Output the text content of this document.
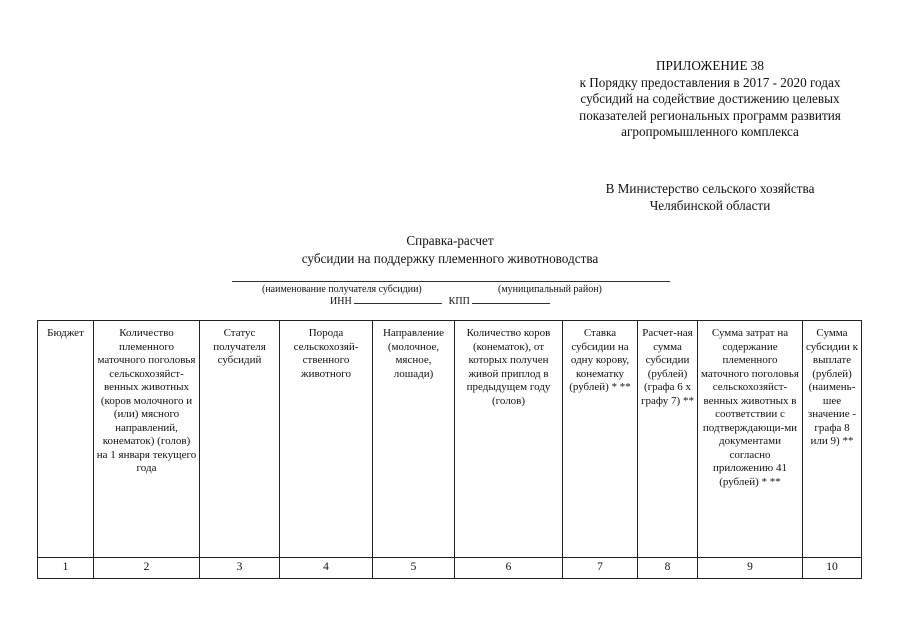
ПРИЛОЖЕНИЕ 38
к Порядку предоставления в 2017 - 2020 годах
субсидий на содействие достижению целевых
показателей региональных программ развития
агропромышленного комплекса
В Министерство сельского хозяйства
Челябинской области
Справка-расчет
субсидии на поддержку племенного животноводства
(наименование получателя субсидии)	(муниципальный район)
ИНН	КПП
Бюджет	Количество племенного маточного поголовья сельскохозяйст-венных животных (коров молочного и (или) мясного направлений, конематок) (голов) на 1 января текущего года	Статус получателя субсидий	Порода сельскохозяй-ственного животного	Направление (молочное, мясное, лошади)	Количество коров (конематок), от которых получен живой приплод в предыдущем году (голов)	Ставка субсидии на одну корову, конематку (рублей) * **	Расчет-ная сумма субсидии (рублей) (графа 6 х графу 7) **	Сумма затрат на содержание племенного маточного поголовья сельскохозяйст-венных животных в соответствии с подтверждающи-ми документами согласно приложению 41 (рублей) * **	Сумма субсидии к выплате (рублей) (наимень-шее значение - графа 8 или 9) **
1	2	3	4	5	6	7	8	9	10
